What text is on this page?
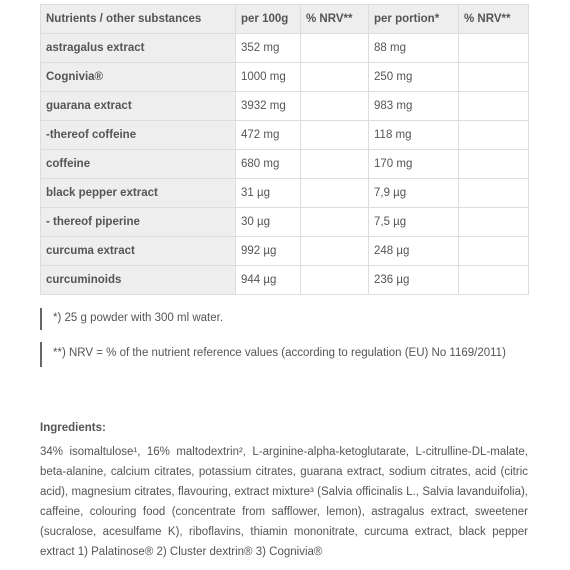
Nutrients / other substances	per 100g	% NRV**	per portion*	% NRV**
astragalus extract	352 mg		88 mg	
Cognivia®	1000 mg		250 mg	
guarana extract	3932 mg		983 mg	
-thereof coffeine	472 mg		118 mg	
coffeine	680 mg		170 mg	
black pepper extract	31 µg		7,9 µg	
- thereof piperine	30 µg		7,5 µg	
curcuma extract	992 µg		248 µg	
curcuminoids	944 µg		236 µg	
*) 25 g powder with 300 ml water.
**) NRV = % of the nutrient reference values (according to regulation (EU) No 1169/2011)
Ingredients:
34% isomaltulose¹, 16% maltodextrin², L-arginine-alpha-ketoglutarate, L-citrulline-DL-malate, beta-alanine, calcium citrates, potassium citrates, guarana extract, sodium citrates, acid (citric acid), magnesium citrates, flavouring, extract mixture³ (Salvia officinalis L., Salvia lavanduifolia), caffeine, colouring food (concentrate from safflower, lemon), astragalus extract, sweetener (sucralose, acesulfame K), riboflavins, thiamin mononitrate, curcuma extract, black pepper extract 1) Palatinose® 2) Cluster dextrin® 3) Cognivia®
